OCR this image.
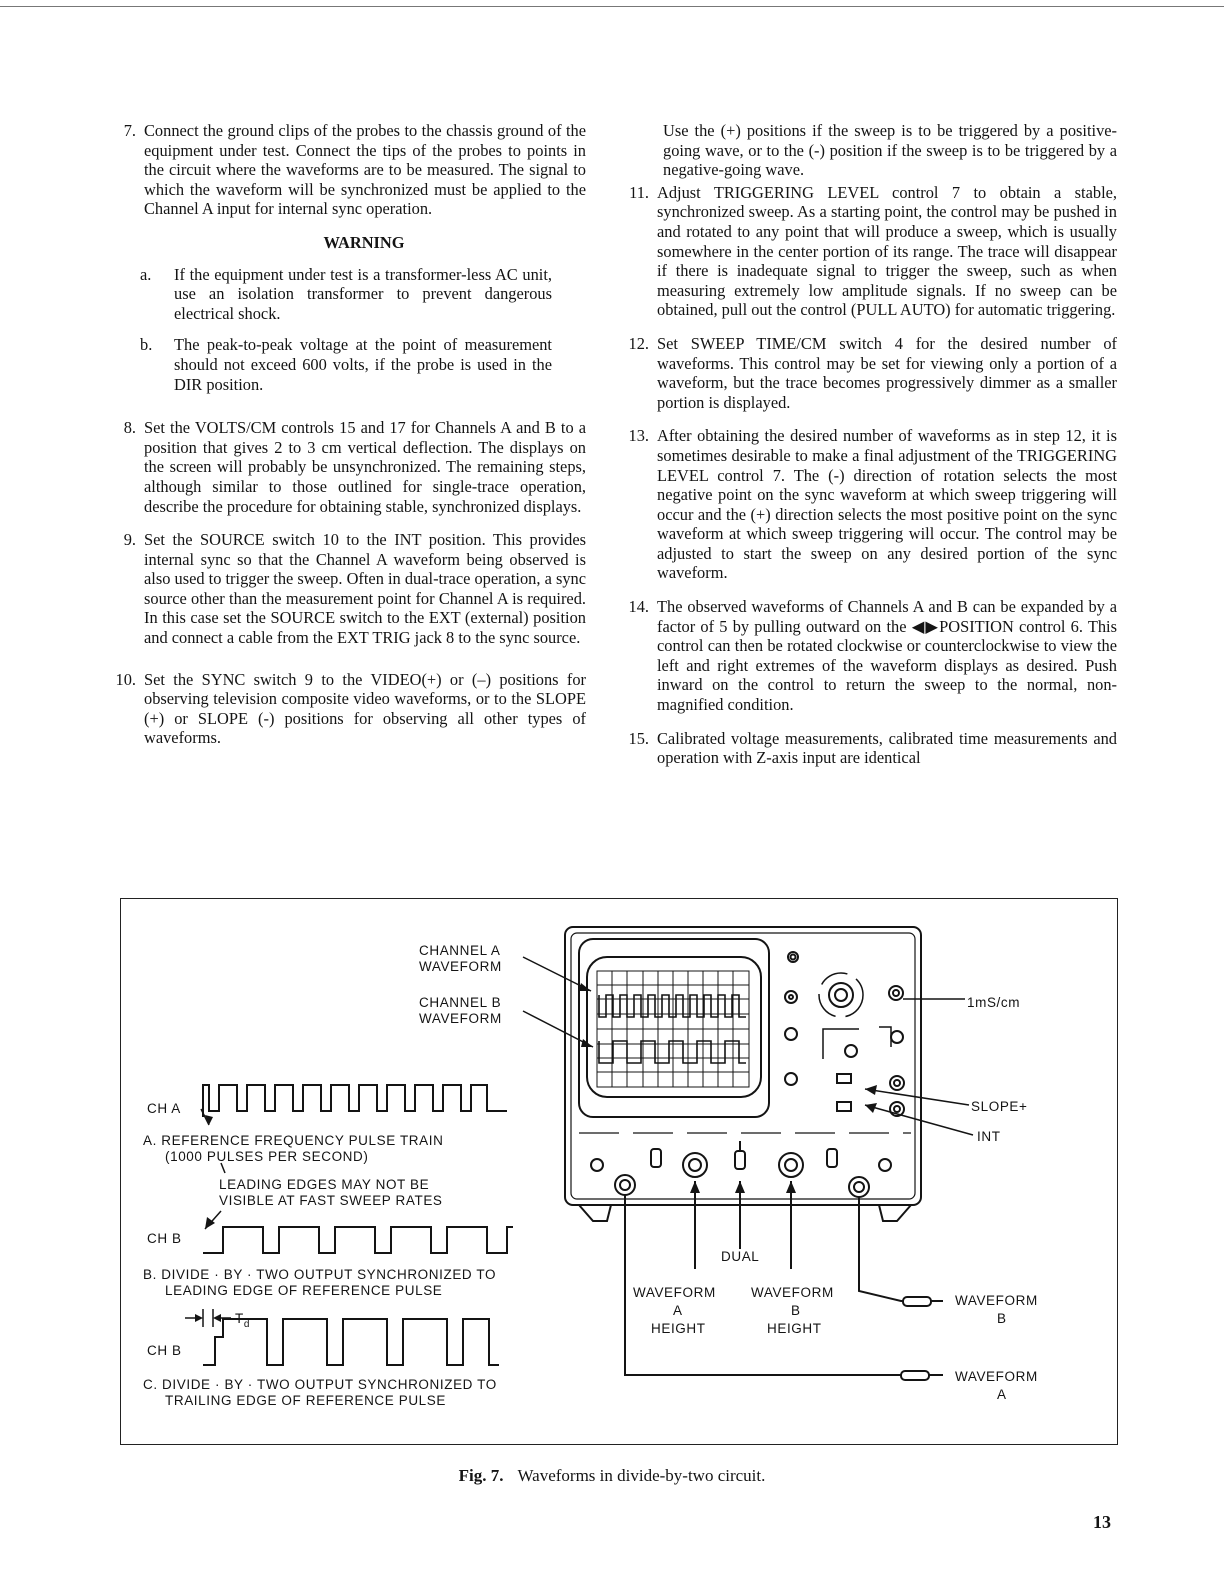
7. Connect the ground clips of the probes to the chassis ground of the equipment under test. Connect the tips of the probes to points in the circuit where the waveforms are to be measured. The signal to which the waveform will be synchronized must be applied to the Channel A input for internal sync operation.
WARNING
a.	If the equipment under test is a transformer-less AC unit, use an isolation transformer to prevent dangerous electrical shock.
b.	The peak-to-peak voltage at the point of measurement should not exceed 600 volts, if the probe is used in the DIR position.
8. Set the VOLTS/CM controls 15 and 17 for Channels A and B to a position that gives 2 to 3 cm vertical deflection. The displays on the screen will probably be unsynchronized. The remaining steps, although similar to those outlined for single-trace operation, describe the procedure for obtaining stable, synchronized displays.
9. Set the SOURCE switch 10 to the INT position. This provides internal sync so that the Channel A waveform being observed is also used to trigger the sweep. Often in dual-trace operation, a sync source other than the measurement point for Channel A is required. In this case set the SOURCE switch to the EXT (external) position and connect a cable from the EXT TRIG jack 8 to the sync source.
10. Set the SYNC switch 9 to the VIDEO(+) or (–) positions for observing television composite video waveforms, or to the SLOPE (+) or SLOPE (-) positions for observing all other types of waveforms.
Use the (+) positions if the sweep is to be triggered by a positive-going wave, or to the (-) position if the sweep is to be triggered by a negative-going wave.
11. Adjust TRIGGERING LEVEL control 7 to obtain a stable, synchronized sweep. As a starting point, the control may be pushed in and rotated to any point that will produce a sweep, which is usually somewhere in the center portion of its range. The trace will disappear if there is inadequate signal to trigger the sweep, such as when measuring extremely low amplitude signals. If no sweep can be obtained, pull out the control (PULL AUTO) for automatic triggering.
12. Set SWEEP TIME/CM switch 4 for the desired number of waveforms. This control may be set for viewing only a portion of a waveform, but the trace becomes progressively dimmer as a smaller portion is displayed.
13. After obtaining the desired number of waveforms as in step 12, it is sometimes desirable to make a final adjustment of the TRIGGERING LEVEL control 7. The (-) direction of rotation selects the most negative point on the sync waveform at which sweep triggering will occur and the (+) direction selects the most positive point on the sync waveform at which sweep triggering will occur. The control may be adjusted to start the sweep on any desired portion of the sync waveform.
14. The observed waveforms of Channels A and B can be expanded by a factor of 5 by pulling outward on the ◀▶POSITION control 6. This control can then be rotated clockwise or counterclockwise to view the left and right extremes of the waveform displays as desired. Push inward on the control to return the sweep to the normal, non-magnified condition.
15. Calibrated voltage measurements, calibrated time measurements and operation with Z-axis input are identical
CHANNEL A
WAVEFORM
CHANNEL B
WAVEFORM
CH A
A. REFERENCE FREQUENCY PULSE TRAIN
(1000 PULSES PER SECOND)
LEADING EDGES MAY NOT BE
VISIBLE AT FAST SWEEP RATES
CH B
B. DIVIDE · BY · TWO OUTPUT SYNCHRONIZED TO
LEADING EDGE OF REFERENCE PULSE
$T_d$
CH B
C. DIVIDE · BY · TWO OUTPUT SYNCHRONIZED TO
TRAILING EDGE OF REFERENCE PULSE
1mS/cm
SLOPE+
INT
DUAL
WAVEFORM
A
HEIGHT
WAVEFORM
B
HEIGHT
WAVEFORM
B
WAVEFORM
A
Fig. 7. Waveforms in divide-by-two circuit.
13
